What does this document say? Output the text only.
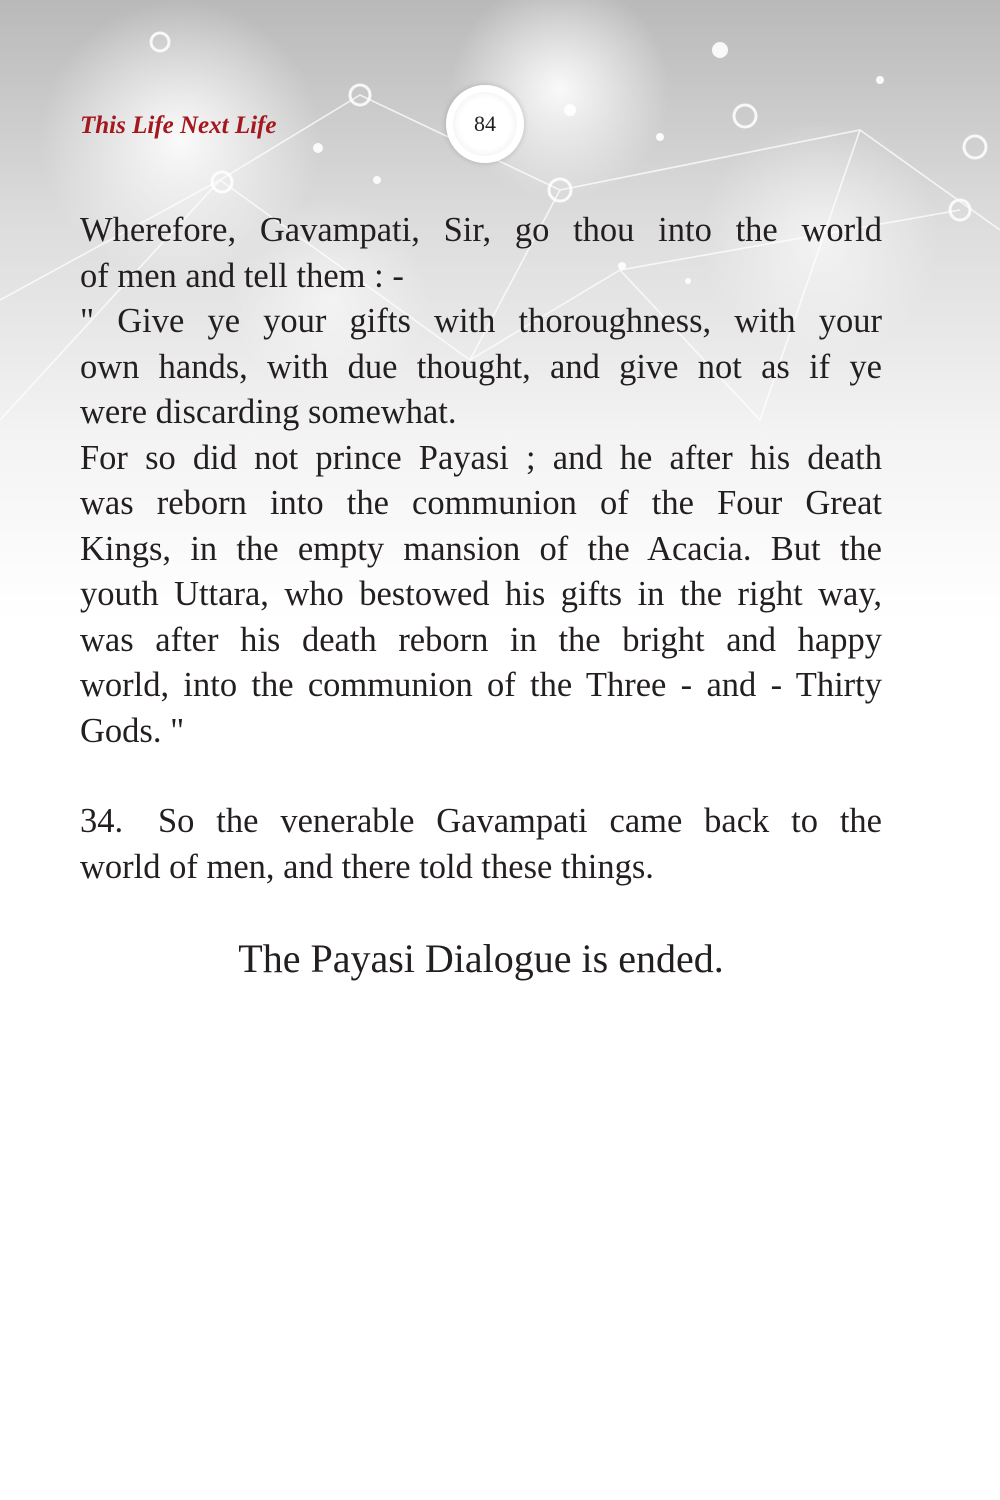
This Life Next Life	84
Wherefore, Gavampati, Sir, go thou into the world
of men and tell them : -
" Give ye your gifts with thoroughness, with your
own hands, with due thought, and give not as if ye
were discarding somewhat.
For so did not prince Payasi ; and he after his death
was reborn into the communion of the Four Great
Kings, in the empty mansion of the Acacia. But the
youth Uttara, who bestowed his gifts in the right way,
was after his death reborn in the bright and happy
world, into the communion of the Three - and - Thirty
Gods. "
34. So the venerable Gavampati came back to the
world of men, and there told these things.
The Payasi Dialogue is ended.
